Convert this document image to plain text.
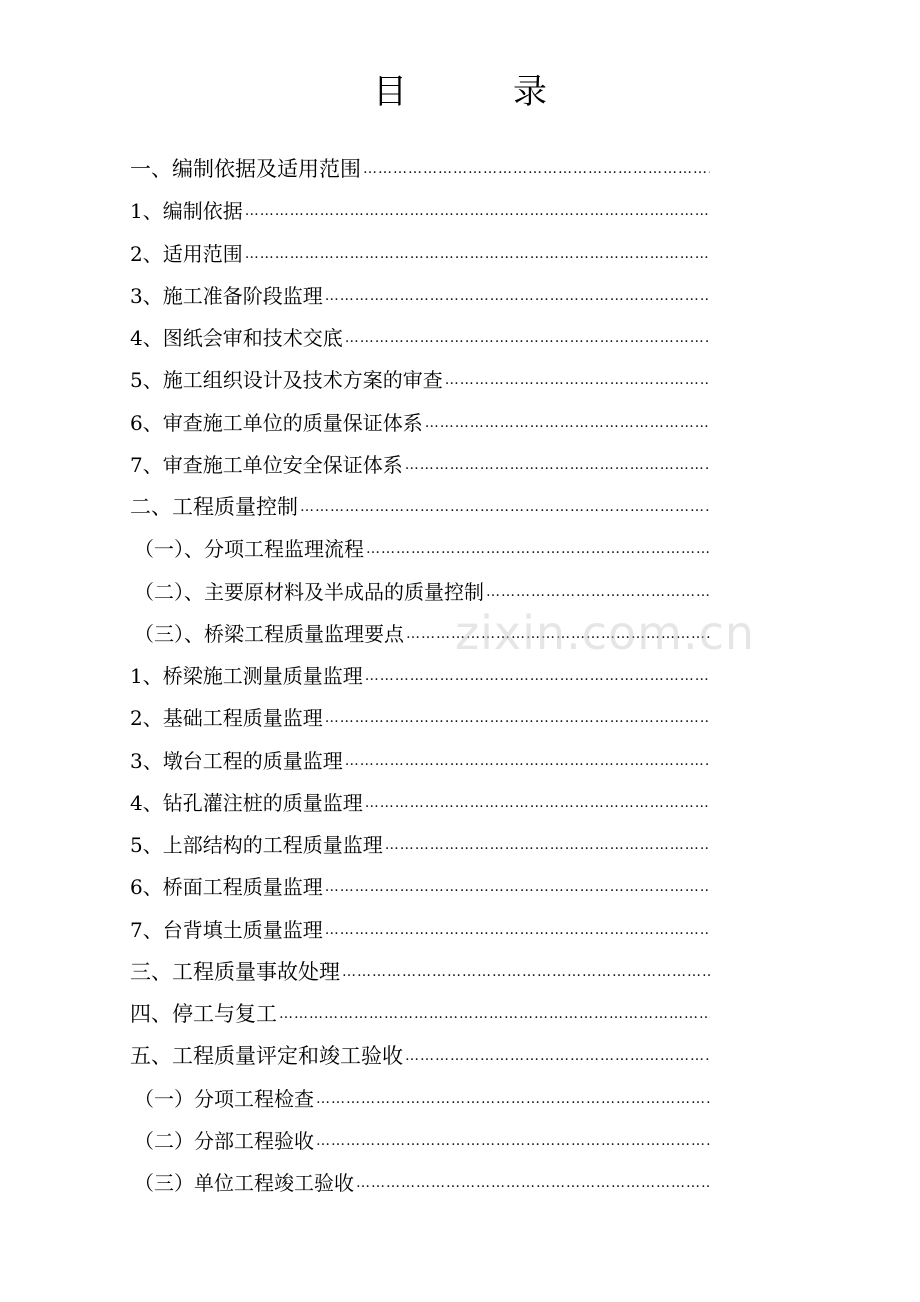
目	录
一、编制依据及适用范围
……………………………………………………………………………………………………………………………………………………
1、编制依据
……………………………………………………………………………………………………………………………………………………
2、适用范围
……………………………………………………………………………………………………………………………………………………
3、施工准备阶段监理
……………………………………………………………………………………………………………………………………………………
4、图纸会审和技术交底
……………………………………………………………………………………………………………………………………………………
5、施工组织设计及技术方案的审查
……………………………………………………………………………………………………………………………………………………
6、审查施工单位的质量保证体系
……………………………………………………………………………………………………………………………………………………
7、审查施工单位安全保证体系
……………………………………………………………………………………………………………………………………………………
二、工程质量控制
……………………………………………………………………………………………………………………………………………………
（一）、分项工程监理流程
……………………………………………………………………………………………………………………………………………………
（二）、主要原材料及半成品的质量控制
……………………………………………………………………………………………………………………………………………………
（三）、桥梁工程质量监理要点
……………………………………………………………………………………………………………………………………………………
1、桥梁施工测量质量监理
……………………………………………………………………………………………………………………………………………………
2、基础工程质量监理
……………………………………………………………………………………………………………………………………………………
3、墩台工程的质量监理
……………………………………………………………………………………………………………………………………………………
4、钻孔灌注桩的质量监理
……………………………………………………………………………………………………………………………………………………
5、上部结构的工程质量监理
……………………………………………………………………………………………………………………………………………………
6、桥面工程质量监理
……………………………………………………………………………………………………………………………………………………
7、台背填土质量监理
……………………………………………………………………………………………………………………………………………………
三、工程质量事故处理
……………………………………………………………………………………………………………………………………………………
四、停工与复工
……………………………………………………………………………………………………………………………………………………
五、工程质量评定和竣工验收
……………………………………………………………………………………………………………………………………………………
（一）分项工程检查
……………………………………………………………………………………………………………………………………………………
（二）分部工程验收
……………………………………………………………………………………………………………………………………………………
（三）单位工程竣工验收
……………………………………………………………………………………………………………………………………………………
zixin.com.cn
